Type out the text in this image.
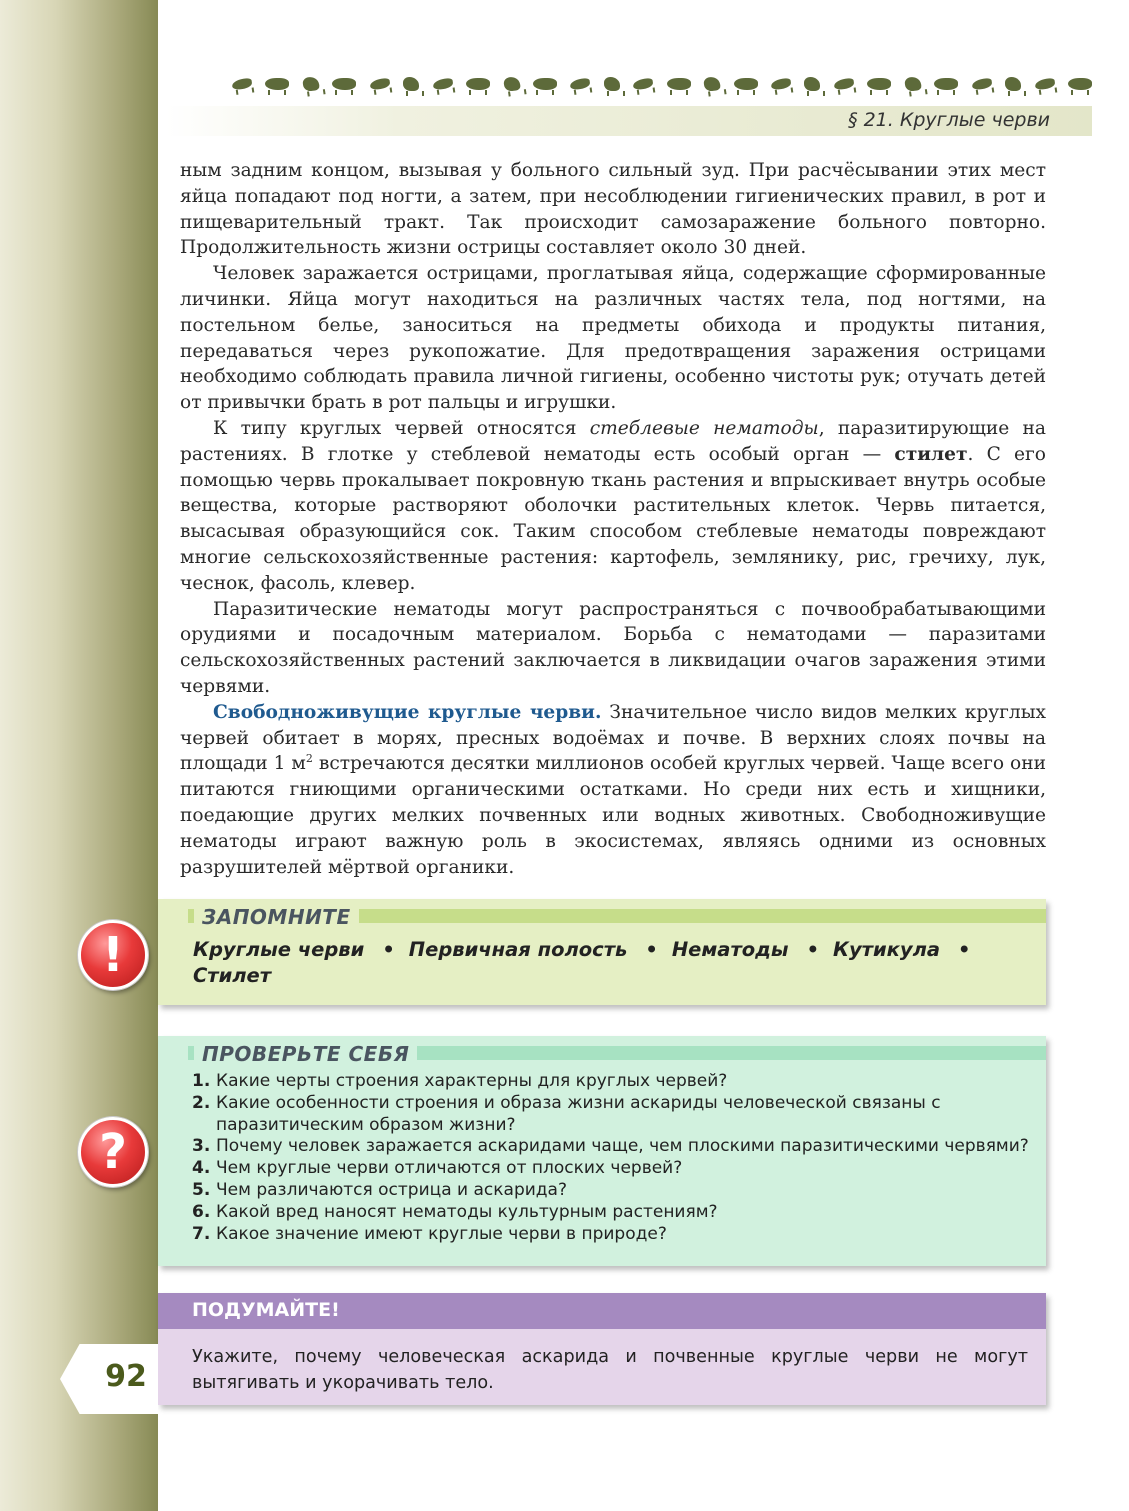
§ 21. Круглые черви

ным задним концом, вызывая у больного сильный зуд. При расчёсывании этих мест яйца попадают под ногти, а затем, при несоблюдении гигиенических правил, в рот и пищеварительный тракт. Так происходит самозаражение больного повторно. Продолжительность жизни острицы составляет около 30 дней.

Человек заражается острицами, проглатывая яйца, содержащие сформированные личинки. Яйца могут находиться на различных частях тела, под ногтями, на постельном белье, заноситься на предметы обихода и продукты питания, передаваться через рукопожатие. Для предотвращения заражения острицами необходимо соблюдать правила личной гигиены, особенно чистоты рук; отучать детей от привычки брать в рот пальцы и игрушки.

К типу круглых червей относятся стеблевые нематоды, паразитирующие на растениях. В глотке у стеблевой нематоды есть особый орган — стилет. С его помощью червь прокалывает покровную ткань растения и впрыскивает внутрь особые вещества, которые растворяют оболочки растительных клеток. Червь питается, высасывая образующийся сок. Таким способом стеблевые нематоды повреждают многие сельскохозяйственные растения: картофель, землянику, рис, гречиху, лук, чеснок, фасоль, клевер.

Паразитические нематоды могут распространяться с почвообрабатывающими орудиями и посадочным материалом. Борьба с нематодами — паразитами сельскохозяйственных растений заключается в ликвидации очагов заражения этими червями.

Свободноживущие круглые черви. Значительное число видов мелких круглых червей обитает в морях, пресных водоёмах и почве. В верхних слоях почвы на площади 1 $м^2$ встречаются десятки миллионов особей круглых червей. Чаще всего они питаются гниющими органическими остатками. Но среди них есть и хищники, поедающие других мелких почвенных или водных животных. Свободноживущие нематоды играют важную роль в экосистемах, являясь одними из основных разрушителей мёртвой органики.

ЗАПОМНИТЕ
Круглые черви • Первичная полость • Нематоды • Кутикула •
Стилет
!
ПРОВЕРЬТЕ СЕБЯ
1. Какие черты строения характерны для круглых червей?
2. Какие особенности строения и образа жизни аскариды человеческой связаны с паразитическим образом жизни?
3. Почему человек заражается аскаридами чаще, чем плоскими паразитическими червями?
4. Чем круглые черви отличаются от плоских червей?
5. Чем различаются острица и аскарида?
6. Какой вред наносят нематоды культурным растениям?
7. Какое значение имеют круглые черви в природе?
?
ПОДУМАЙТЕ!
Укажите, почему человеческая аскарида и почвенные круглые черви не могут вытягивать и укорачивать тело.
92
